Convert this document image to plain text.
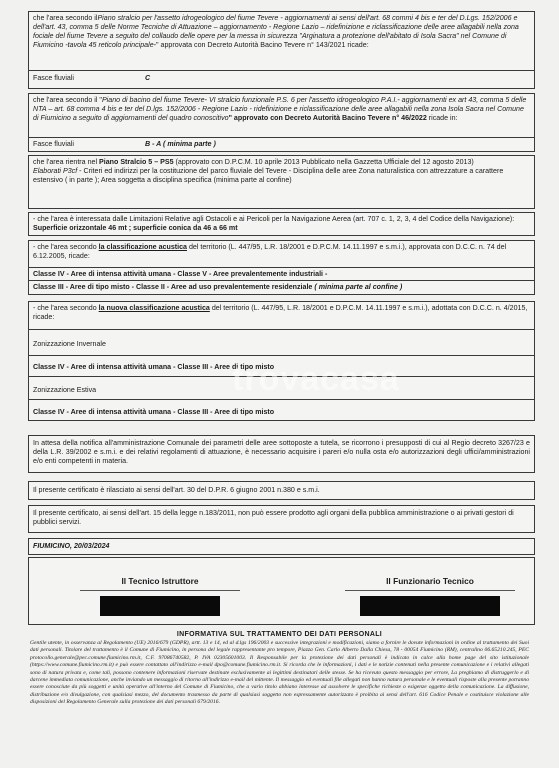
che l'area secondo ilPiano stralcio per l'assetto idrogeologico del fiume Tevere - aggiornamenti ai sensi dell'art. 68 commi 4 bis e ter del D.Lgs. 152/2006 e dell'art. 43, comma 5 delle Norme Tecniche di Attuazione – aggiornamento - Regione Lazio – ridefinizione e riclassificazione delle aree allagabili nella zona fociale del fiume Tevere a seguito del collaudo delle opere per la messa in sicurezza "Arginatura a protezione dell'abitato di Isola Sacra" nel Comune di Fiumicino -tavola 45 reticolo principale-" approvata con Decreto Autorità Bacino Tevere n° 143/2021 ricade:

Fasce fluviali	C

che l'area secondo il "Piano di bacino del fiume Tevere- VI stralcio funzionale P.S. 6 per l'assetto idrogeologico P.A.I.- aggiornamenti ex art 43, comma 5 delle NTA – art. 68 comma 4 bis e ter del D.lgs. 152/2006 - Regione Lazio - ridefinizione e riclassificazione delle aree allagabili nella zona Isola Sacra nel Comune di Fiumicino a seguito di aggiornamenti del quadro conoscitivo" approvato con Decreto Autorità Bacino Tevere n° 46/2022 ricade in:

Fasce fluviali	B - A ( minima parte )

che l'area rientra nel Piano Stralcio 5 – PS5 (approvato con D.P.C.M. 10 aprile 2013 Pubblicato nella Gazzetta Ufficiale del 12 agosto 2013)

Elaborati P3cf - Criteri ed indirizzi per la costituzione del parco fluviale del Tevere - Disciplina delle aree Zona naturalistica con attrezzature a carattere estensivo ( in parte ); Area soggetta a disciplina specifica (minima parte al confine)

- che l'area è interessata dalle Limitazioni Relative agli Ostacoli e ai Pericoli per la Navigazione Aerea (art. 707 c. 1, 2, 3, 4 del Codice della Navigazione): Superficie orizzontale 46 mt ; superficie conica da 46 a 66 mt

- che l'area secondo la classificazione acustica del territorio (L. 447/95, L.R. 18/2001 e D.P.C.M. 14.11.1997 e s.m.i.), approvata con D.C.C. n. 74 del 6.12.2005, ricade:

Classe IV - Aree di intensa attività umana - Classe V - Aree prevalentemente industriali -
Classe III - Aree di tipo misto - Classe II - Aree ad uso prevalentemente residenziale ( minima parte al confine )

- che l'area secondo la nuova classificazione acustica del territorio (L. 447/95, L.R. 18/2001 e D.P.C.M. 14.11.1997 e s.m.i.), adottata con D.C.C. n. 4/2015, ricade:

Zonizzazione Invernale
Classe IV - Aree di intensa attività umana - Classe III - Aree di tipo misto
Zonizzazione Estiva
Classe IV - Aree di intensa attività umana - Classe III - Aree di tipo misto
trovacasa

In attesa della notifica all'amministrazione Comunale dei parametri delle aree sottoposte a tutela, se ricorrono i presupposti di cui al Regio decreto 3267/23 e della L.R. 39/2002 e s.m.i. e dei relativi regolamenti di attuazione, è necessario acquisire i pareri e/o nulla osta e/o autorizzazioni degli uffici/amministrazioni e/o enti competenti in materia.

Il presente certificato è rilasciato ai sensi dell'art. 30 del D.P.R. 6 giugno 2001 n.380 e s.m.i.

Il presente certificato, ai sensi dell'art. 15 della legge n.183/2011, non può essere prodotto agli organi della pubblica amministrazione o ai privati gestori di pubblici servizi.

FIUMICINO, 20/03/2024

Il Tecnico Istruttore	Il Funzionario Tecnico
INFORMATIVA SUL TRATTAMENTO DEI DATI PERSONALI
Gentile utente, in osservanza al Regolamento (UE) 2016/679 (GDPR), artt. 13 e 14, ed al d.lgs 196/2003 e successive integrazioni e modificazioni, siamo a fornire le dovute informazioni in ordine al trattamento dei Suoi dati personali. Titolare del trattamento è il Comune di Fiumicino, in persona del legale rappresentante pro tempore, Piazza Gen. Carlo Alberto Dalla Chiesa, 78 - 00054 Fiumicino (RM), centralino 06.65210.245, PEC protocollo.generale@pec.comune.fiumicino.rm.it, C.F. 97086740582, P. IVA 02305601003. Il Responsabile per la protezione dei dati personali è indicato in calce alla home page del sito istituzionale (https://www.comune.fiumicino.rm.it) e può essere contattato all'indirizzo e-mail dpo@comune.fiumicino.rm.it. Si ricorda che le informazioni, i dati e le notizie contenuti nella presente comunicazione e i relativi allegati sono di natura privata e, come tali, possono contenere informazioni riservate destinate esclusivamente ai legittimi destinatari delle stesse. Se ha ricevuto questo messaggio per errore, La preghiamo di distruggerlo e di darcene immediata comunicazione, anche inviando un messaggio di ritorno all'indirizzo e-mail del mittente. Il messaggio ed eventuali file allegati non hanno natura personale e le eventuali risposte alla presente potranno essere conosciute da più soggetti e unità operative all'interno del Comune di Fiumicino, che a vario titolo abbiano interesse ad assolvere le specifiche richieste o esigenze oggetto della comunicazione. La diffusione, distribuzione e/o divulgazione, con qualsiasi mezzo, del documento trasmesso da parte di qualsiasi soggetto non espressamente autorizzato è proibita ai sensi dell'art. 616 Codice Penale e costituisce violazione alle disposizioni del Regolamento Generale sulla protezione dei dati personali 679/2016.
